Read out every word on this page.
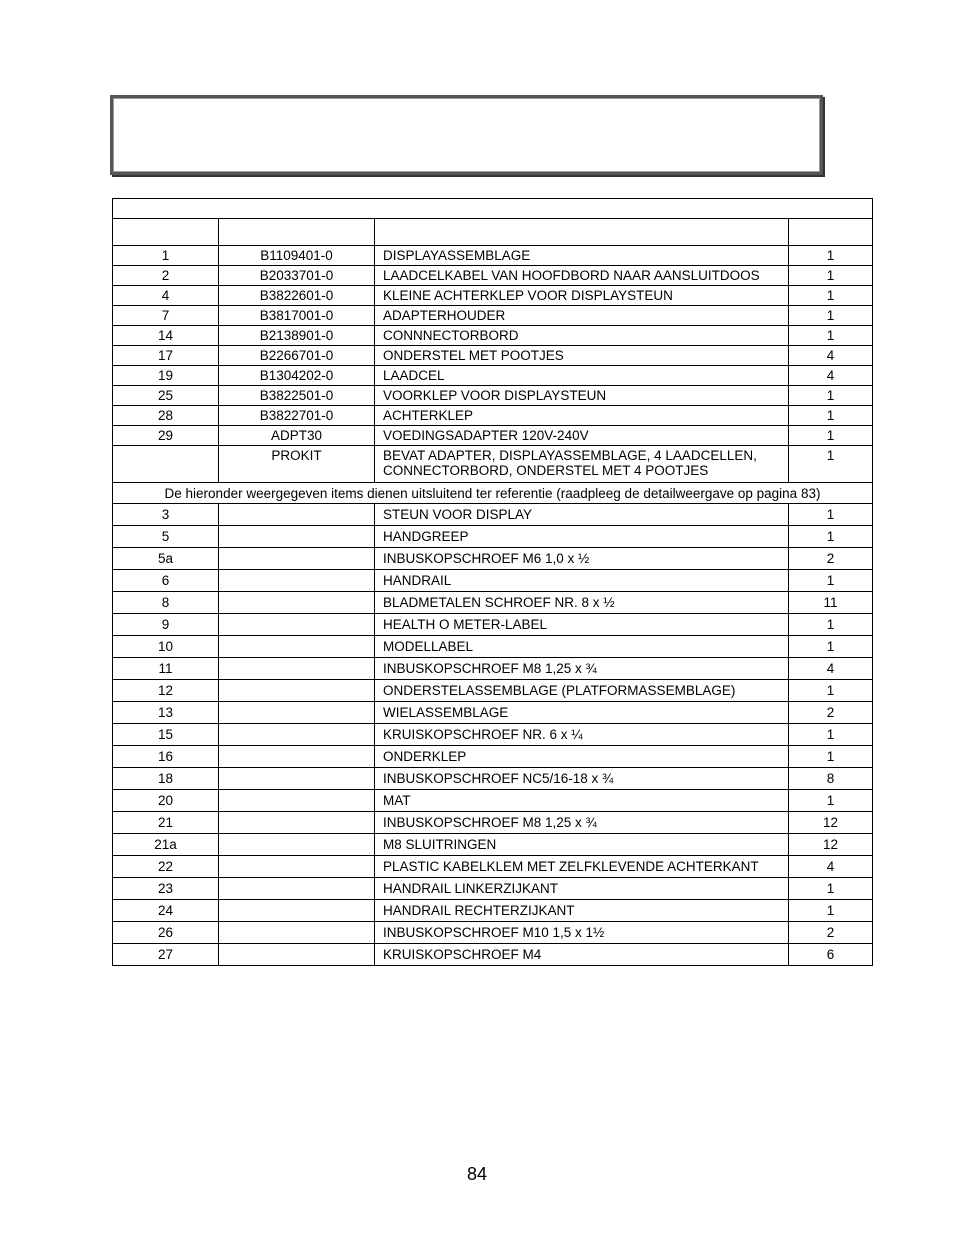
1	B1109401-0	DISPLAYASSEMBLAGE	1
2	B2033701-0	LAADCELKABEL VAN HOOFDBORD NAAR AANSLUITDOOS	1
4	B3822601-0	KLEINE ACHTERKLEP VOOR DISPLAYSTEUN	1
7	B3817001-0	ADAPTERHOUDER	1
14	B2138901-0	CONNNECTORBORD	1
17	B2266701-0	ONDERSTEL MET POOTJES	4
19	B1304202-0	LAADCEL	4
25	B3822501-0	VOORKLEP VOOR DISPLAYSTEUN	1
28	B3822701-0	ACHTERKLEP	1
29	ADPT30	VOEDINGSADAPTER 120V-240V	1
	PROKIT	BEVAT ADAPTER, DISPLAYASSEMBLAGE, 4 LAADCELLEN,
CONNECTORBORD, ONDERSTEL MET 4 POOTJES	1
De hieronder weergegeven items dienen uitsluitend ter referentie (raadpleeg de detailweergave op pagina 83)			
3		STEUN VOOR DISPLAY	1
5		HANDGREEP	1
5a		INBUSKOPSCHROEF M6 1,0 x ½	2
6		HANDRAIL	1
8		BLADMETALEN SCHROEF NR. 8 x ½	11
9		HEALTH O METER-LABEL	1
10		MODELLABEL	1
11		INBUSKOPSCHROEF M8 1,25 x ¾	4
12		ONDERSTELASSEMBLAGE (PLATFORMASSEMBLAGE)	1
13		WIELASSEMBLAGE	2
15		KRUISKOPSCHROEF NR. 6 x ¼	1
16		ONDERKLEP	1
18		INBUSKOPSCHROEF NC5/16-18 x ¾	8
20		MAT	1
21		INBUSKOPSCHROEF M8 1,25 x ¾	12
21a		M8 SLUITRINGEN	12
22		PLASTIC KABELKLEM MET ZELFKLEVENDE ACHTERKANT	4
23		HANDRAIL LINKERZIJKANT	1
24		HANDRAIL RECHTERZIJKANT	1
26		INBUSKOPSCHROEF M10 1,5 x 1½	2
27		KRUISKOPSCHROEF M4	6
84
